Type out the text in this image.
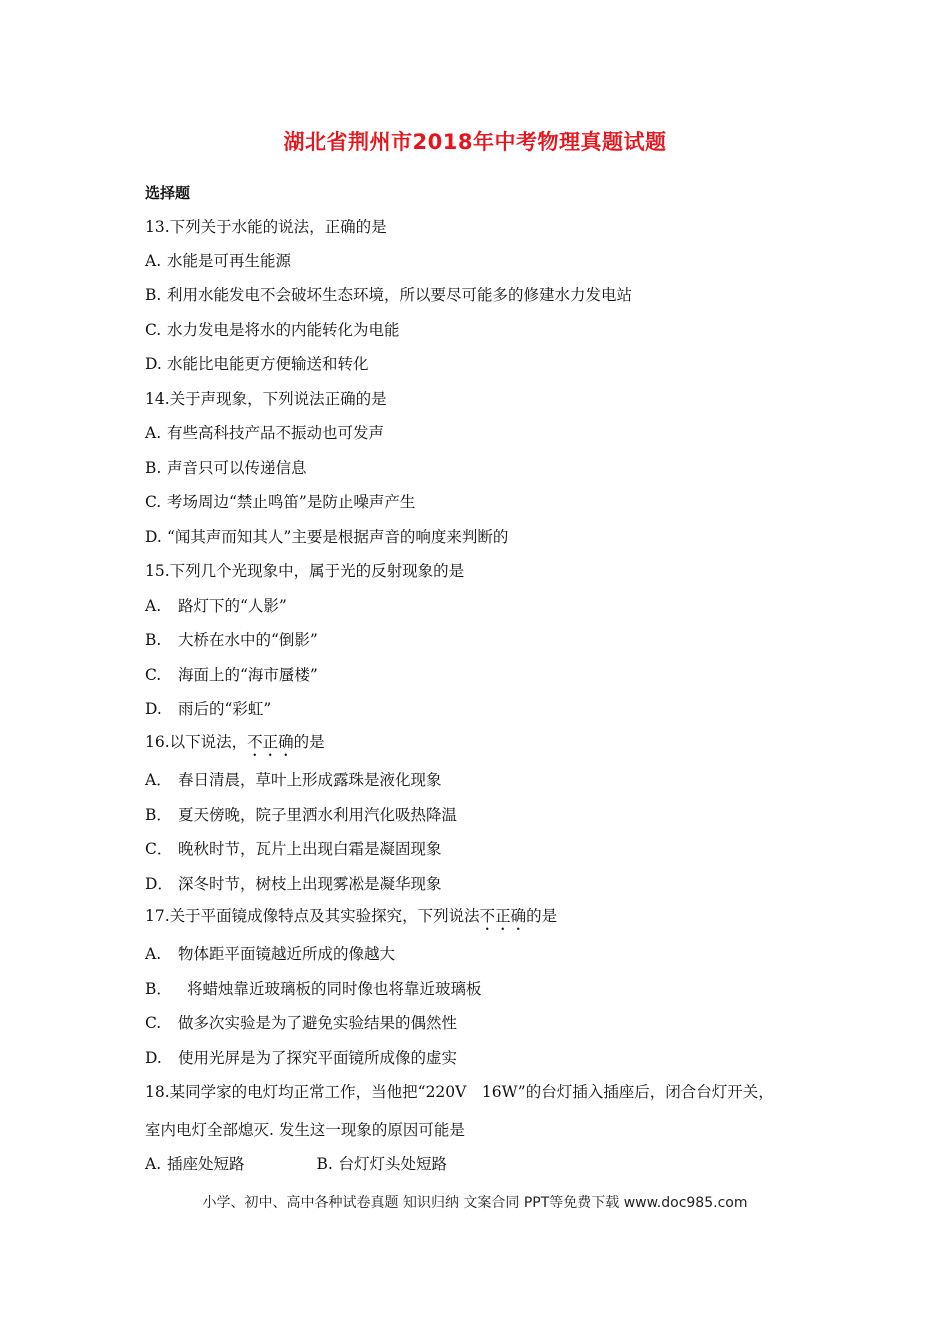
湖北省荆州市2018年中考物理真题试题
选择题
13.下列关于水能的说法，正确的是
A. 水能是可再生能源
B. 利用水能发电不会破坏生态环境，所以要尽可能多的修建水力发电站
C. 水力发电是将水的内能转化为电能
D. 水能比电能更方便输送和转化
14.关于声现象，下列说法正确的是
A. 有些高科技产品不振动也可发声
B. 声音只可以传递信息
C. 考场周边“禁止鸣笛”是防止噪声产生
D. “闻其声而知其人”主要是根据声音的响度来判断的
15.下列几个光现象中，属于光的反射现象的是
A. 路灯下的“人影”
B. 大桥在水中的“倒影”
C. 海面上的“海市蜃楼”
D. 雨后的“彩虹”
16.以下说法，不正确的是
A． 春日清晨，草叶上形成露珠是液化现象
B． 夏天傍晚，院子里洒水利用汽化吸热降温
C． 晚秋时节，瓦片上出现白霜是凝固现象
D． 深冬时节，树枝上出现雾凇是凝华现象
17.关于平面镜成像特点及其实验探究，下列说法不正确的是
A. 物体距平面镜越近所成的像越大
B． 将蜡烛靠近玻璃板的同时像也将靠近玻璃板
C. 做多次实验是为了避免实验结果的偶然性
D. 使用光屏是为了探究平面镜所成像的虚实
18.某同学家的电灯均正常工作，当他把“220V　16W”的台灯插入插座后，闭合台灯开关，
室内电灯全部熄灭. 发生这一现象的原因可能是
A. 插座处短路	B. 台灯灯头处短路
小学、初中、高中各种试卷真题 知识归纳 文案合同 PPT等免费下载 www.doc985.com
